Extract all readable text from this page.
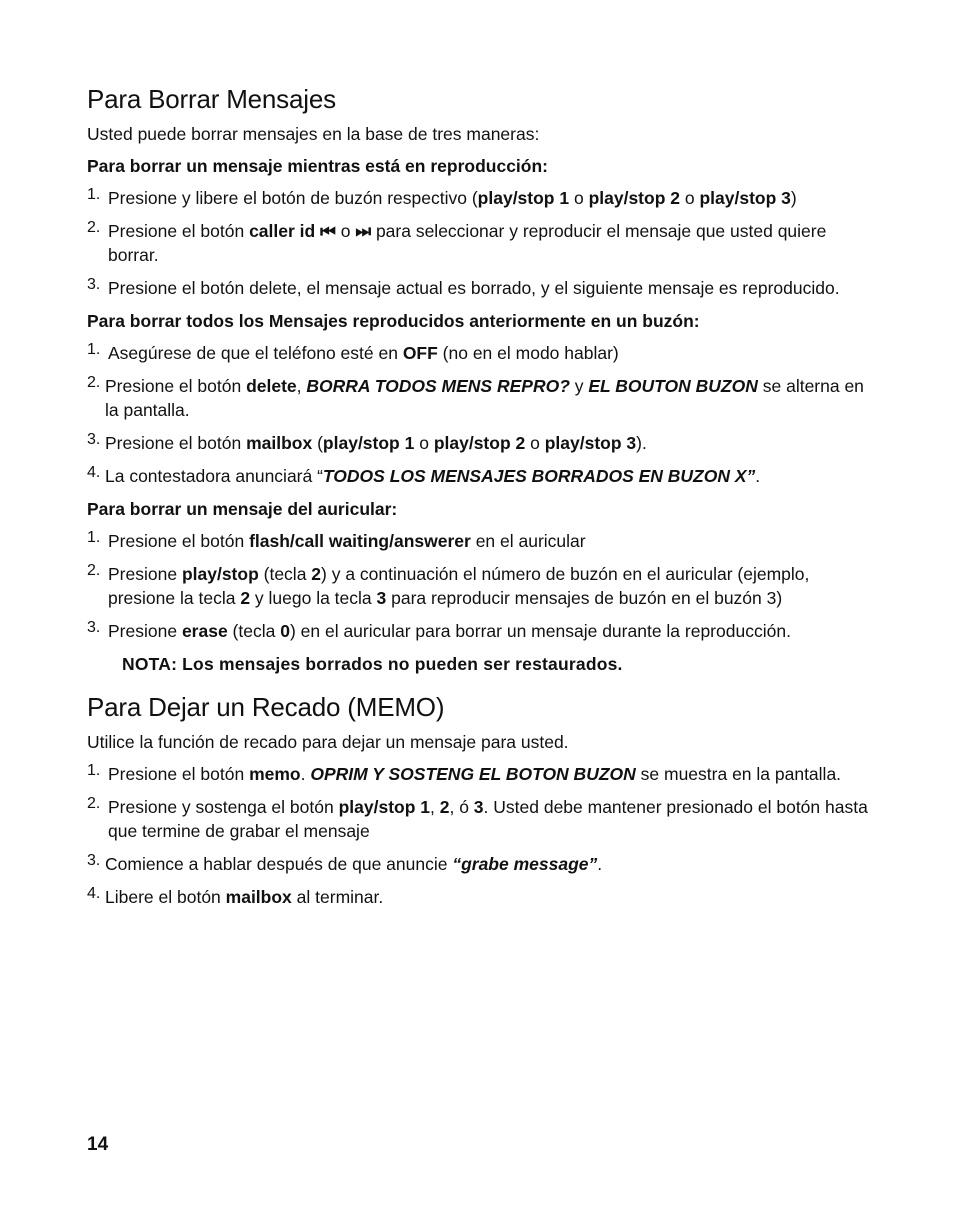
Para Borrar Mensajes

Usted puede borrar mensajes en la base de tres maneras:

Para borrar un mensaje mientras está en reproducción:

1. Presione y libere el botón de buzón respectivo (play/stop 1 o play/stop 2 o play/stop 3)

2. Presione el botón caller id ⏮ o ⏭ para seleccionar y reproducir el mensaje que usted quiere borrar.

3. Presione el botón delete, el mensaje actual es borrado, y el siguiente mensaje es reproducido.

Para borrar todos los Mensajes reproducidos anteriormente en un buzón:

1. Asegúrese de que el teléfono esté en OFF (no en el modo hablar)

2. Presione el botón delete, BORRA TODOS MENS REPRO? y EL BOUTON BUZON se alterna en la pantalla.

3. Presione el botón mailbox (play/stop 1 o play/stop 2 o play/stop 3).

4. La contestadora anunciará “TODOS LOS MENSAJES BORRADOS EN BUZON X”.

Para borrar un mensaje del auricular:

1. Presione el botón flash/call waiting/answerer en el auricular

2. Presione play/stop (tecla 2) y a continuación el número de buzón en el auricular (ejemplo, presione la tecla 2 y luego la tecla 3 para reproducir mensajes de buzón en el buzón 3)

3. Presione erase (tecla 0) en el auricular para borrar un mensaje durante la reproducción.

NOTA: Los mensajes borrados no pueden ser restaurados.

Para Dejar un Recado (MEMO)

Utilice la función de recado para dejar un mensaje para usted.

1. Presione el botón memo. OPRIM Y SOSTENG EL BOTON BUZON se muestra en la pantalla.

2. Presione y sostenga el botón play/stop 1, 2, ó 3. Usted debe mantener presionado el botón hasta que termine de grabar el mensaje

3. Comience a hablar después de que anuncie “grabe message”.

4. Libere el botón mailbox al terminar.

14
